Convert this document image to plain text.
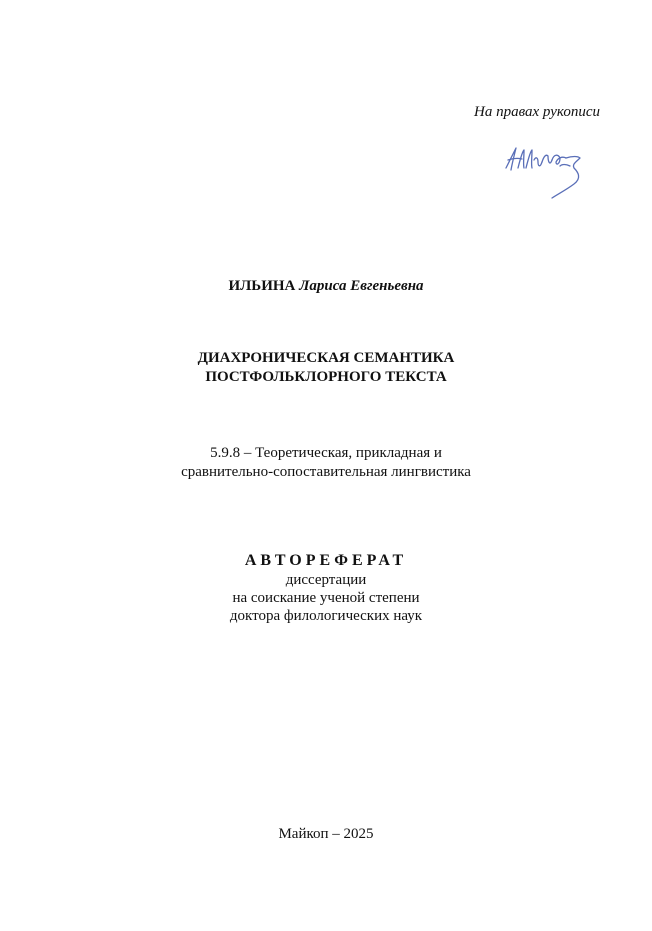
На правах рукописи
ИЛЬИНА Лариса Евгеньевна
ДИАХРОНИЧЕСКАЯ СЕМАНТИКА
ПОСТФОЛЬКЛОРНОГО ТЕКСТА
5.9.8 – Теоретическая, прикладная и
сравнительно-сопоставительная лингвистика
АВТОРЕФЕРАТ
диссертации
на соискание ученой степени
доктора филологических наук
Майкоп – 2025
